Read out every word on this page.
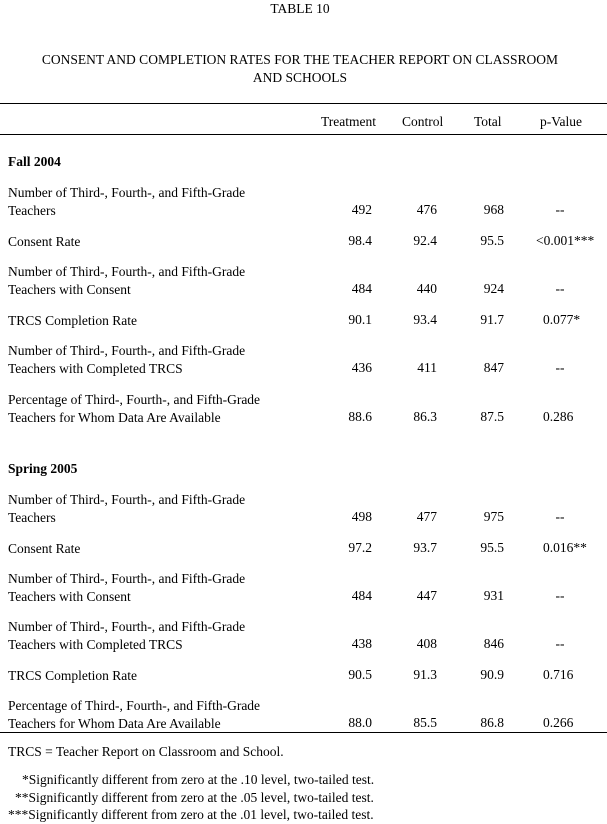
TABLE 10
CONSENT AND COMPLETION RATES FOR THE TEACHER REPORT ON CLASSROOM
AND SCHOOLS
Treatment Control Total	p-Value
Fall 2004
Number of Third-, Fourth-, and Fifth-Grade
Teachers	492	476	968	--
Consent Rate	98.4	92.4	95.5 <0.001***
Number of Third-, Fourth-, and Fifth-Grade
Teachers with Consent	484	440	924	--
TRCS Completion Rate	90.1	93.4	91.7	0.077*
Number of Third-, Fourth-, and Fifth-Grade
Teachers with Completed TRCS	436	411	847	--
Percentage of Third-, Fourth-, and Fifth-Grade
Teachers for Whom Data Are Available	88.6	86.3	87.5	0.286
Spring 2005
Number of Third-, Fourth-, and Fifth-Grade
Teachers	498	477	975	--
Consent Rate	97.2	93.7	95.5	0.016**
Number of Third-, Fourth-, and Fifth-Grade
Teachers with Consent	484	447	931	--
Number of Third-, Fourth-, and Fifth-Grade
Teachers with Completed TRCS	438	408	846	--
TRCS Completion Rate	90.5	91.3	90.9	0.716
Percentage of Third-, Fourth-, and Fifth-Grade
Teachers for Whom Data Are Available	88.0	85.5	86.8	0.266
TRCS = Teacher Report on Classroom and School.
*Significantly different from zero at the .10 level, two-tailed test.
**Significantly different from zero at the .05 level, two-tailed test.
***Significantly different from zero at the .01 level, two-tailed test.
